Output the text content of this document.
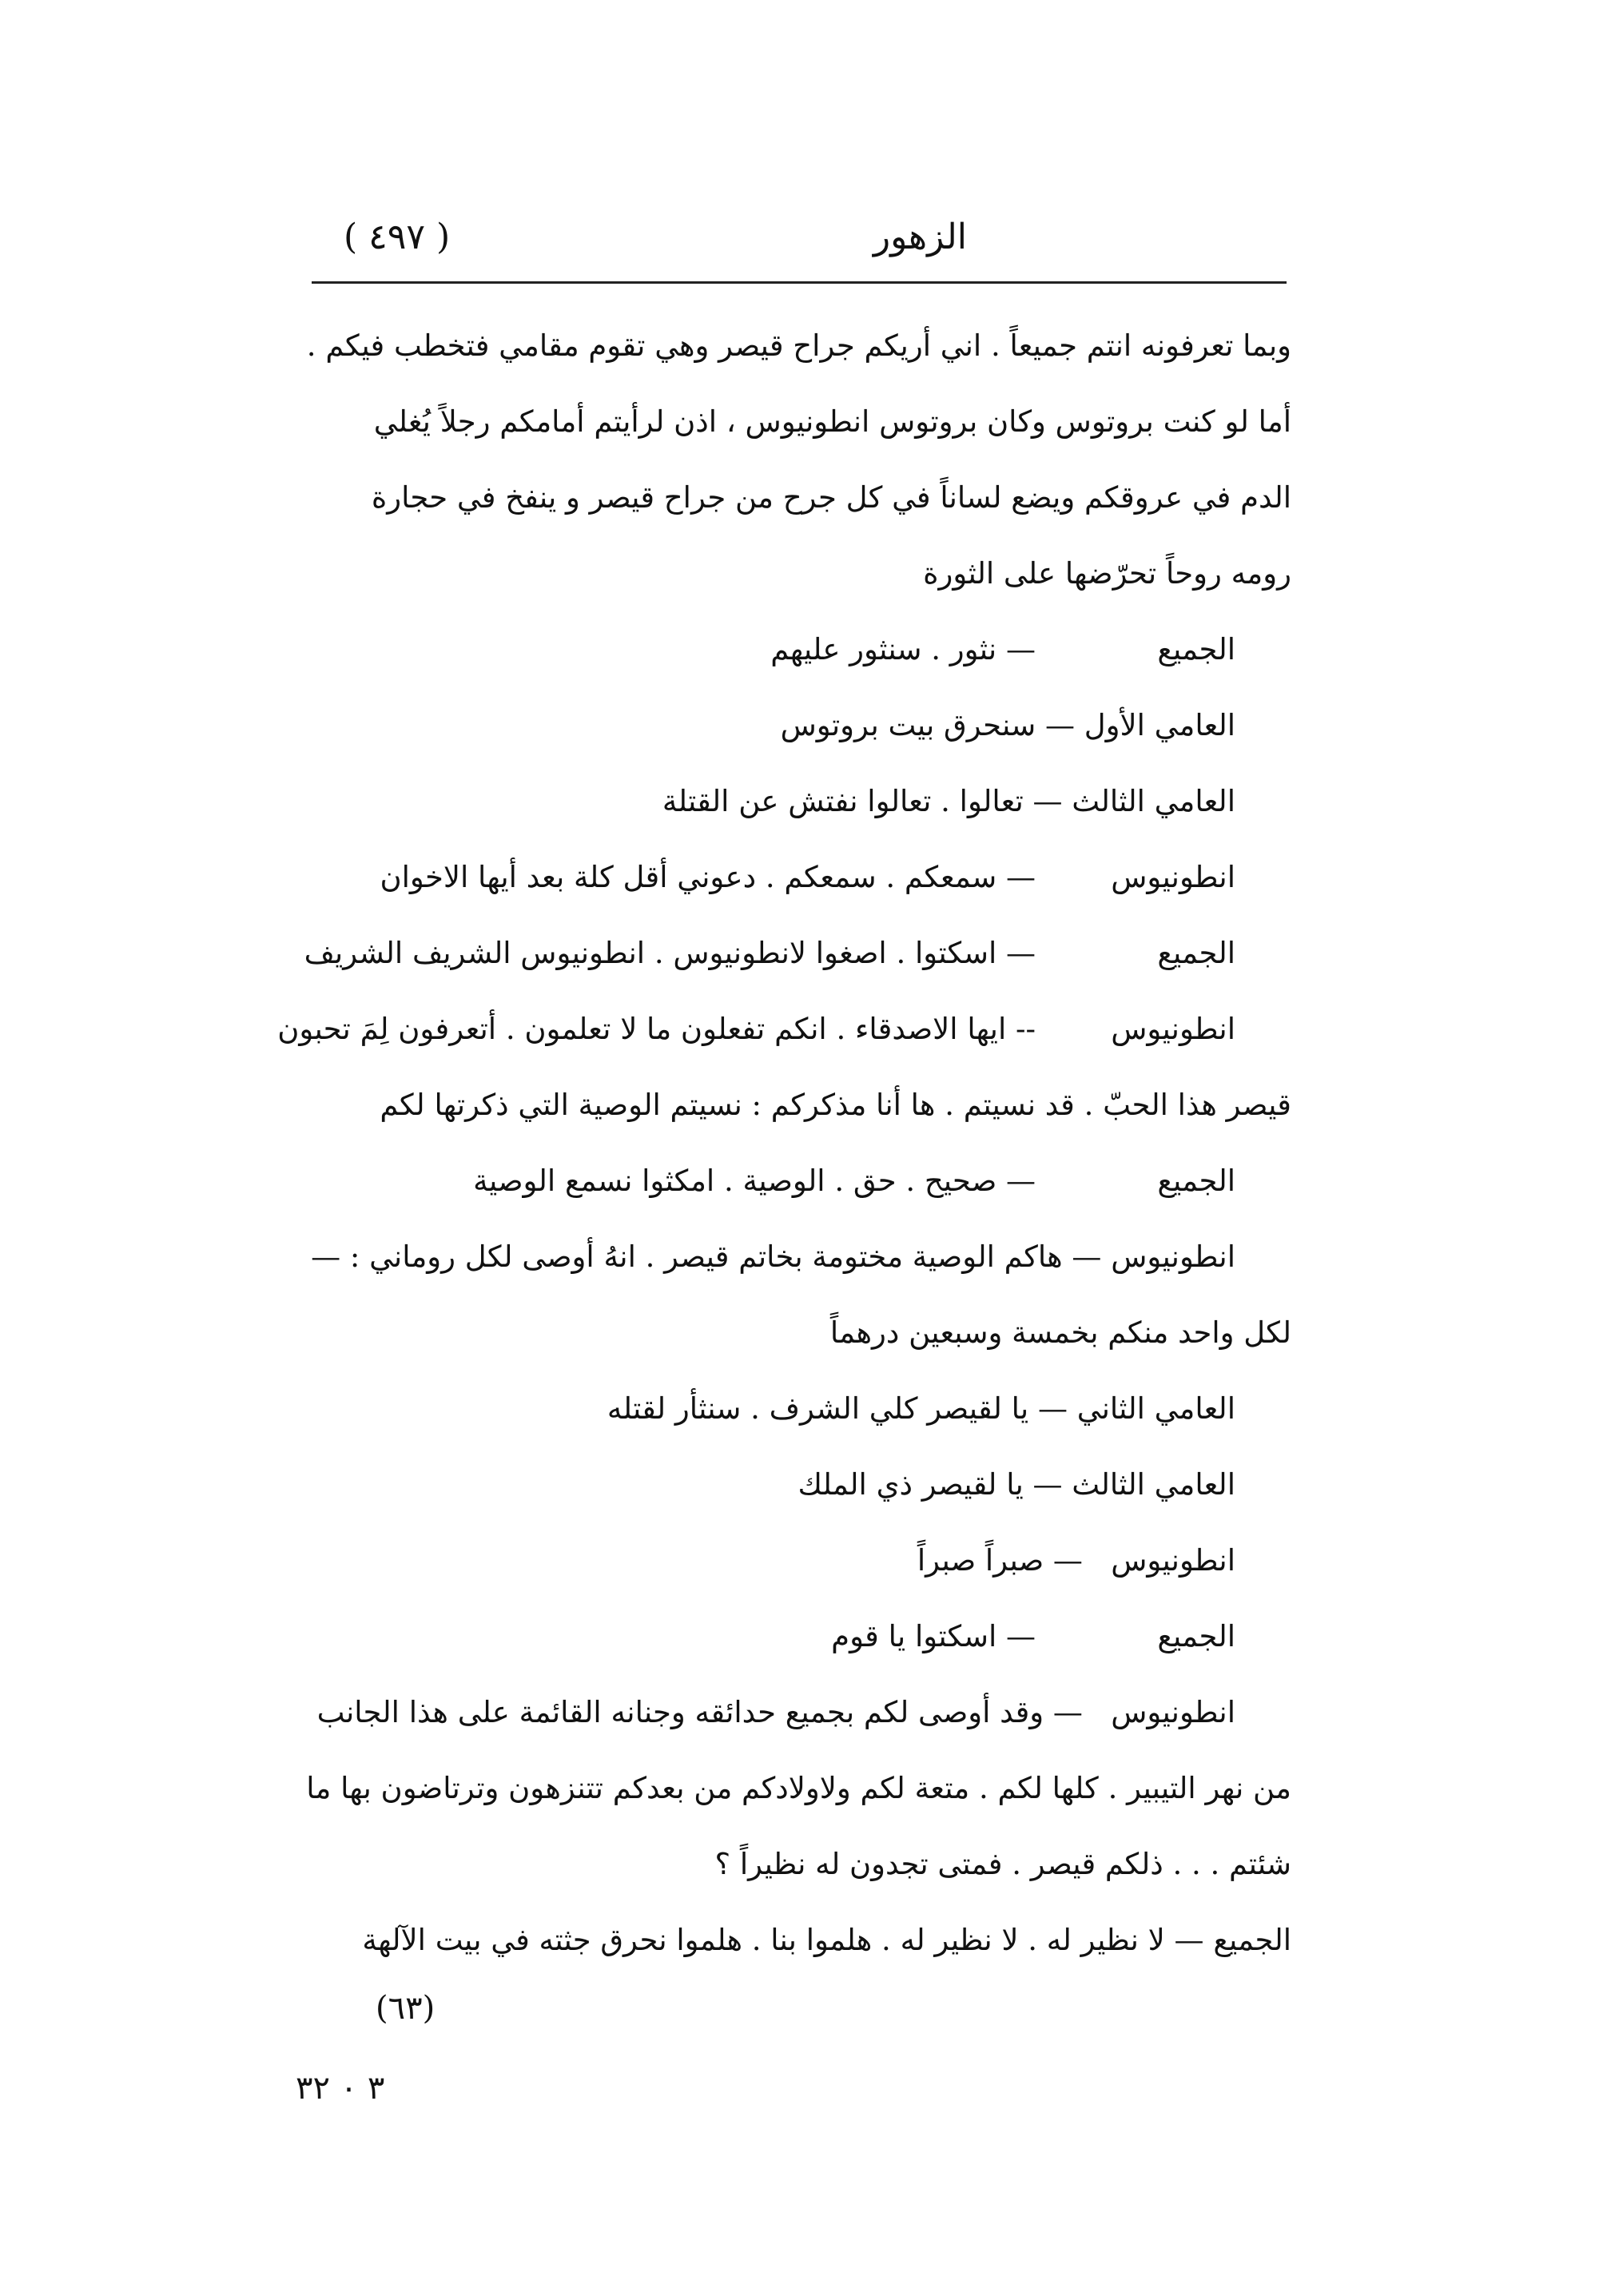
الزهور
( ٤٩٧ )
وبما تعرفونه انتم جميعاً . اني أريكم جراح قيصر وهي تقوم مقامي فتخطب فيكم .
أما لو كنت بروتوس وكان بروتوس انطونيوس ، اذن لرأيتم أمامكم رجلاً يُغلي
الدم في عروقكم ويضع لساناً في كل جرح من جراح قيصر و ينفخ في حجارة
رومه روحاً تحرّضها على الثورة
الجميع
— نثور . سنثور عليهم
العامي الأول

— سنحرق بيت بروتوس
العامي الثالث

— تعالوا . تعالوا نفتش عن القتلة
انطونيوس
— سمعكم . سمعكم . دعوني أقل كلة بعد أيها الاخوان
الجميع
— اسكتوا . اصغوا لانطونيوس . انطونيوس الشريف الشريف
انطونيوس
-- ايها الاصدقاء . انكم تفعلون ما لا تعلمون . أتعرفون لِمَ تحبون
قيصر هذا الحبّ . قد نسيتم . ها أنا مذكركم : نسيتم الوصية التي ذكرتها لكم
الجميع
— صحيح . حق . الوصية . امكثوا نسمع الوصية
انطونيوس

— هاكم الوصية مختومة بخاتم قيصر . انهُ أوصى لكل روماني : —
لكل واحد منكم بخمسة وسبعين درهماً
العامي الثاني

— يا لقيصر كلي الشرف . سنثأر لقتله
العامي الثالث

— يا لقيصر ذي الملك
انطونيوس

— صبراً صبراً
الجميع
— اسكتوا يا قوم
انطونيوس

— وقد أوصى لكم بجميع حدائقه وجنانه القائمة على هذا الجانب
من نهر التيبير . كلها لكم . متعة لكم ولاولادكم من بعدكم تتنزهون وترتاضون بها ما
شئتم . . . ذلكم قيصر . فمتى تجدون له نظيراً ؟
الجميع

— لا نظير له . لا نظير له . هلموا بنا . هلموا نحرق جثته في بيت الآلهة
(٦٣)
٣ ٠ ٣٢
